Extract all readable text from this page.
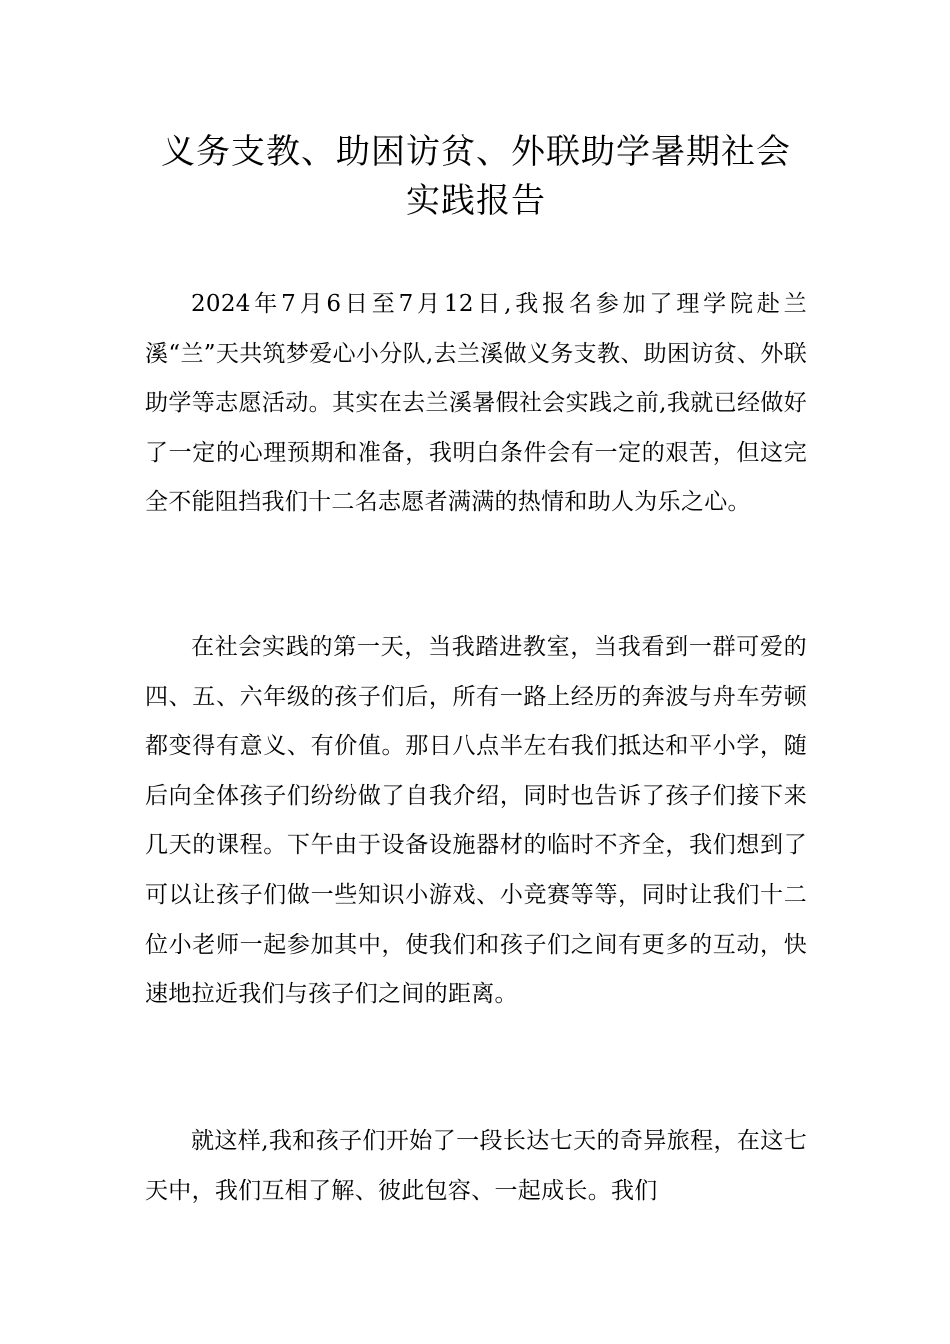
义务支教、助困访贫、外联助学暑期社会实践报告

2024年7月6日至7月12日,我报名参加了理学院赴兰溪“兰”天共筑梦爱心小分队,去兰溪做义务支教、助困访贫、外联助学等志愿活动。其实在去兰溪暑假社会实践之前,我就已经做好了一定的心理预期和准备，我明白条件会有一定的艰苦，但这完全不能阻挡我们十二名志愿者满满的热情和助人为乐之心。

在社会实践的第一天，当我踏进教室，当我看到一群可爱的四、五、六年级的孩子们后，所有一路上经历的奔波与舟车劳顿都变得有意义、有价值。那日八点半左右我们抵达和平小学，随后向全体孩子们纷纷做了自我介绍，同时也告诉了孩子们接下来几天的课程。下午由于设备设施器材的临时不齐全，我们想到了可以让孩子们做一些知识小游戏、小竞赛等等，同时让我们十二位小老师一起参加其中，使我们和孩子们之间有更多的互动，快速地拉近我们与孩子们之间的距离。

就这样,我和孩子们开始了一段长达七天的奇异旅程，在这七天中，我们互相了解、彼此包容、一起成长。我们
